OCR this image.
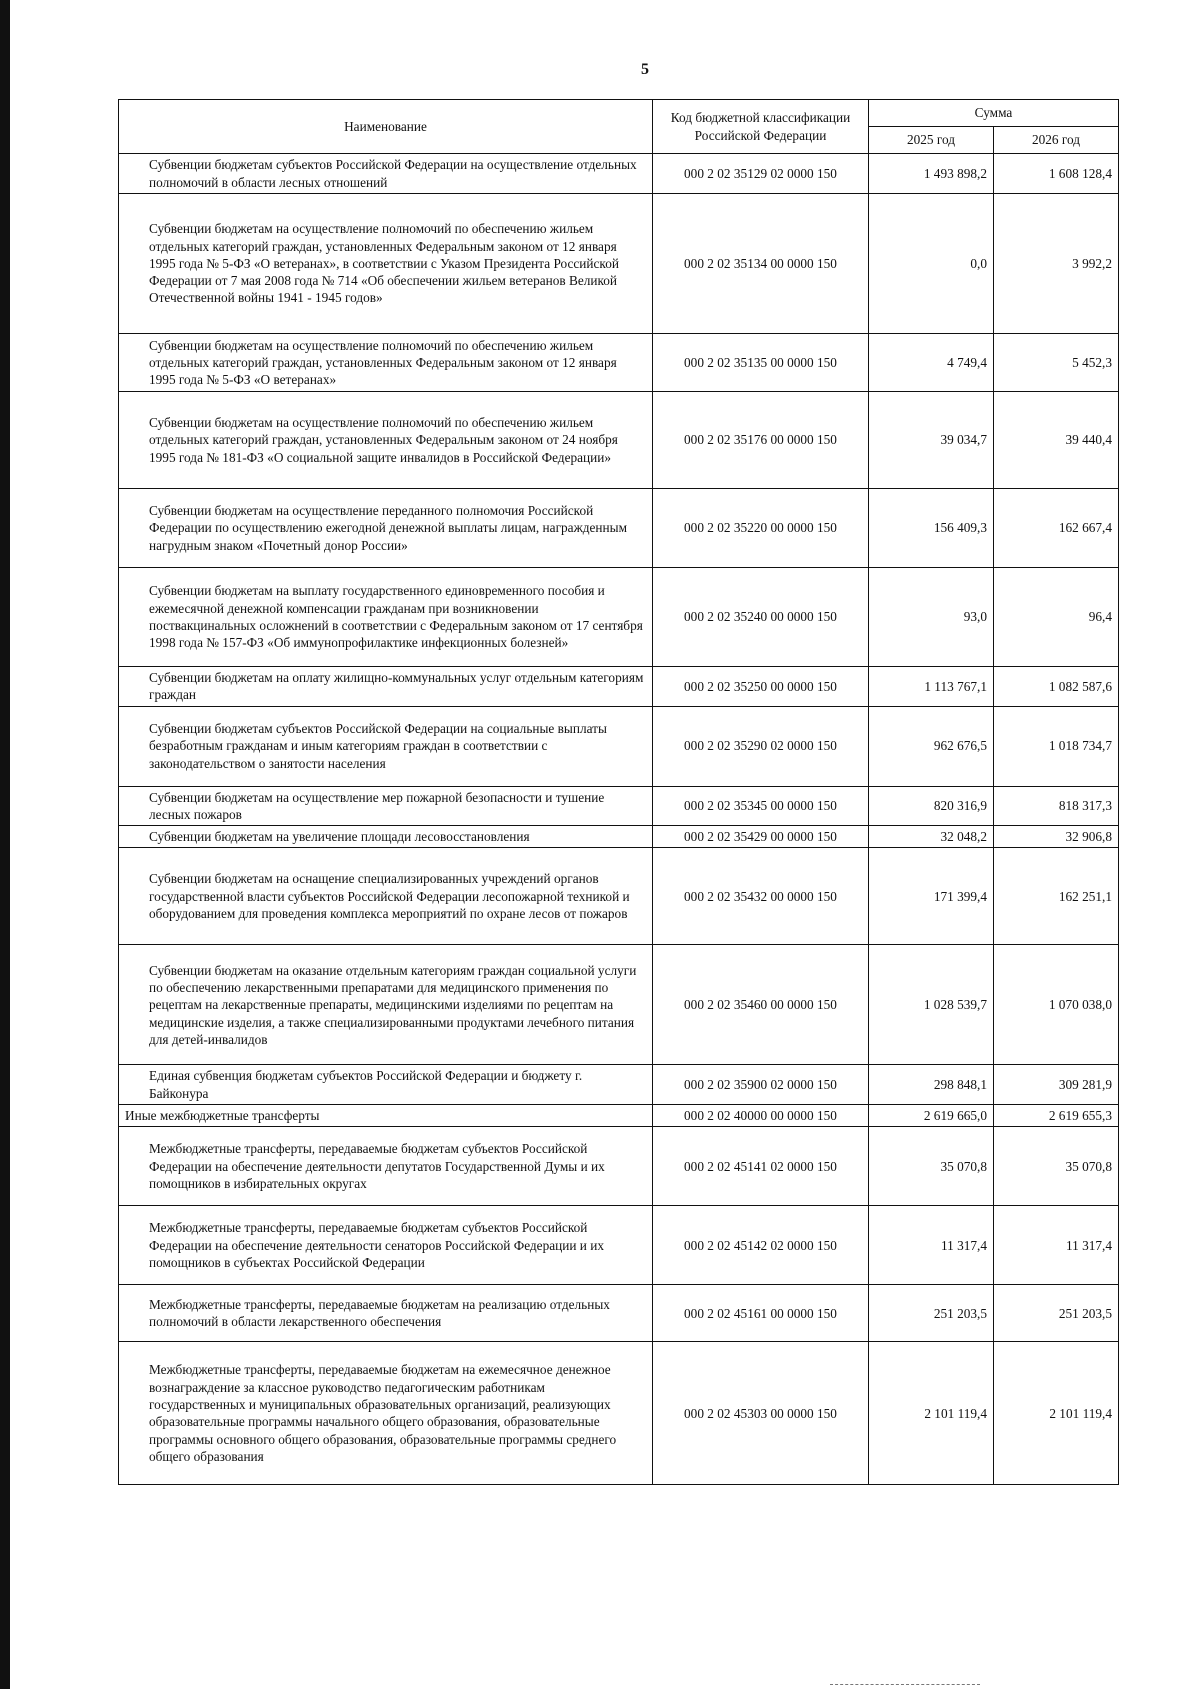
5
Наименование	Код бюджетной классификации Российской Федерации	Сумма	
		2025 год	2026 год
Субвенции бюджетам субъектов Российской Федерации на осуществление отдельных полномочий в области лесных отношений	000 2 02 35129 02 0000 150	1 493 898,2	1 608 128,4
Субвенции бюджетам на осуществление полномочий по обеспечению жильем отдельных категорий граждан, установленных Федеральным законом от 12 января 1995 года № 5-ФЗ «О ветеранах», в соответствии с Указом Президента Российской Федерации от 7 мая 2008 года № 714 «Об обеспечении жильем ветеранов Великой Отечественной войны 1941 - 1945 годов»	000 2 02 35134 00 0000 150	0,0	3 992,2
Субвенции бюджетам на осуществление полномочий по обеспечению жильем отдельных категорий граждан, установленных Федеральным законом от 12 января 1995 года № 5-ФЗ «О ветеранах»	000 2 02 35135 00 0000 150	4 749,4	5 452,3
Субвенции бюджетам на осуществление полномочий по обеспечению жильем отдельных категорий граждан, установленных Федеральным законом от 24 ноября 1995 года № 181-ФЗ «О социальной защите инвалидов в Российской Федерации»	000 2 02 35176 00 0000 150	39 034,7	39 440,4
Субвенции бюджетам на осуществление переданного полномочия Российской Федерации по осуществлению ежегодной денежной выплаты лицам, награжденным нагрудным знаком «Почетный донор России»	000 2 02 35220 00 0000 150	156 409,3	162 667,4
Субвенции бюджетам на выплату государственного единовременного пособия и ежемесячной денежной компенсации гражданам при возникновении поствакцинальных осложнений в соответствии с Федеральным законом от 17 сентября 1998 года № 157-ФЗ «Об иммунопрофилактике инфекционных болезней»	000 2 02 35240 00 0000 150	93,0	96,4
Субвенции бюджетам на оплату жилищно-коммунальных услуг отдельным категориям граждан	000 2 02 35250 00 0000 150	1 113 767,1	1 082 587,6
Субвенции бюджетам субъектов Российской Федерации на социальные выплаты безработным гражданам и иным категориям граждан в соответствии с законодательством о занятости населения	000 2 02 35290 02 0000 150	962 676,5	1 018 734,7
Субвенции бюджетам на осуществление мер пожарной безопасности и тушение лесных пожаров	000 2 02 35345 00 0000 150	820 316,9	818 317,3
Субвенции бюджетам на увеличение площади лесовосстановления	000 2 02 35429 00 0000 150	32 048,2	32 906,8
Субвенции бюджетам на оснащение специализированных учреждений органов государственной власти субъектов Российской Федерации лесопожарной техникой и оборудованием для проведения комплекса мероприятий по охране лесов от пожаров	000 2 02 35432 00 0000 150	171 399,4	162 251,1
Субвенции бюджетам на оказание отдельным категориям граждан социальной услуги по обеспечению лекарственными препаратами для медицинского применения по рецептам на лекарственные препараты, медицинскими изделиями по рецептам на медицинские изделия, а также специализированными продуктами лечебного питания для детей-инвалидов	000 2 02 35460 00 0000 150	1 028 539,7	1 070 038,0
Единая субвенция бюджетам субъектов Российской Федерации и бюджету г. Байконура	000 2 02 35900 02 0000 150	298 848,1	309 281,9
Иные межбюджетные трансферты	000 2 02 40000 00 0000 150	2 619 665,0	2 619 655,3
Межбюджетные трансферты, передаваемые бюджетам субъектов Российской Федерации на обеспечение деятельности депутатов Государственной Думы и их помощников в избирательных округах	000 2 02 45141 02 0000 150	35 070,8	35 070,8
Межбюджетные трансферты, передаваемые бюджетам субъектов Российской Федерации на обеспечение деятельности сенаторов Российской Федерации и их помощников в субъектах Российской Федерации	000 2 02 45142 02 0000 150	11 317,4	11 317,4
Межбюджетные трансферты, передаваемые бюджетам на реализацию отдельных полномочий в области лекарственного обеспечения	000 2 02 45161 00 0000 150	251 203,5	251 203,5
Межбюджетные трансферты, передаваемые бюджетам на ежемесячное денежное вознаграждение за классное руководство педагогическим работникам государственных и муниципальных образовательных организаций, реализующих образовательные программы начального общего образования, образовательные программы основного общего образования, образовательные программы среднего общего образования	000 2 02 45303 00 0000 150	2 101 119,4	2 101 119,4
